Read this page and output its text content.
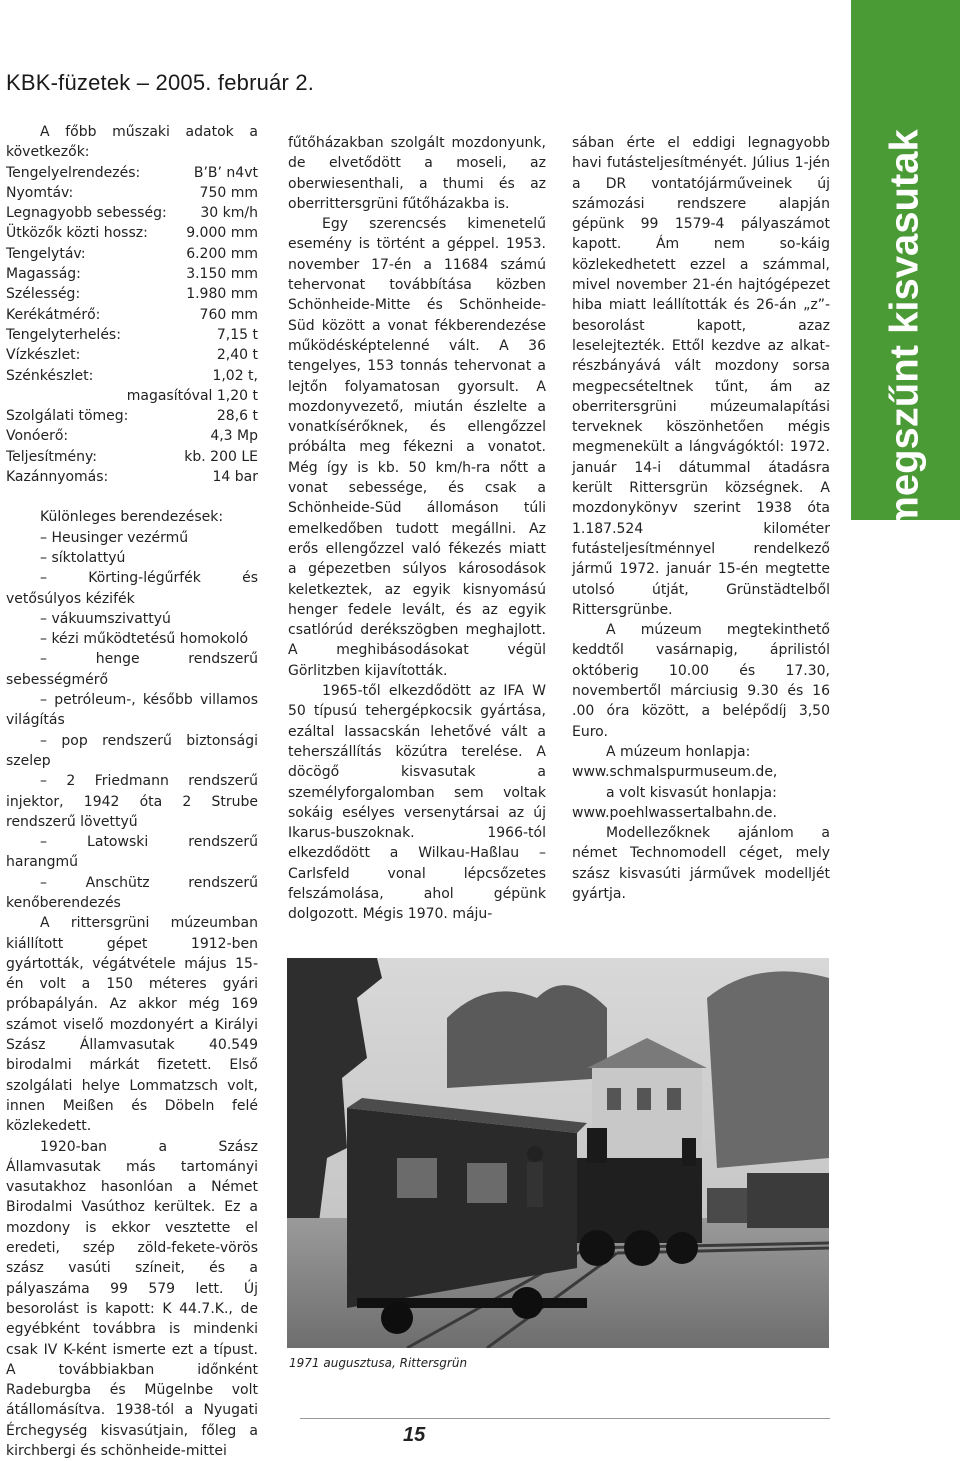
KBK-füzetek – 2005. február 2.
megszűnt kisvasutak

A főbb műszaki adatok a következők:

Tengelyelrendezés:	B’B’ n4vt
Nyomtáv:	750 mm
Legnagyobb sebesség: 30 km/h
Ütközők közti hossz:	9.000 mm
Tengelytáv:	6.200 mm
Magasság:	3.150 mm
Szélesség:	1.980 mm
Kerékátmérő:	760 mm
Tengelyterhelés:	7,15 t
Vízkészlet:	2,40 t
Szénkészlet:	1,02 t,
magasítóval 1,20 t
Szolgálati tömeg:	28,6 t
Vonóerő:	4,3 Mp
Teljesítmény:	kb. 200 LE
Kazánnyomás:	14 bar

Különleges berendezések:

– Heusinger vezérmű

– síktolattyú

– Körting-légűrfék és vetősúlyos kézifék

– vákuumszivattyú

– kézi működtetésű homokoló

– henge rendszerű sebességmérő

– petróleum-, később villamos világítás

– pop rendszerű biztonsági szelep

– 2 Friedmann rendszerű injektor, 1942 óta 2 Strube rendszerű lövettyű

– Latowski rendszerű harangmű

– Anschütz rendszerű kenőberendezés

A rittersgrüni múzeumban kiállított gépet 1912-ben gyártották, végátvétele május 15-én volt a 150 méteres gyári próbapályán. Az akkor még 169 számot viselő mozdonyért a Királyi Szász Államvasutak 40.549 birodalmi márkát fizetett. Első szolgálati helye Lommatzsch volt, innen Meißen és Döbeln felé közlekedett.

1920-ban a Szász Államvasutak más tartományi vasutakhoz hasonlóan a Német Birodalmi Vasúthoz kerültek. Ez a mozdony is ekkor vesztette el eredeti, szép zöld-fekete-vörös szász vasúti színeit, és a pályaszáma 99 579 lett. Új besorolást is kapott: K 44.7.K., de egyébként továbbra is mindenki csak IV K-ként ismerte ezt a típust. A továbbiakban időnként Radeburgba és Mügelnbe volt átállomásítva. 1938-tól a Nyugati Érchegység kisvasútjain, főleg a kirchbergi és schönheide-mittei

fűtőházakban szolgált mozdonyunk, de elvetődött a moseli, az oberwiesenthali, a thumi és az oberrittersgrüni fűtőházakba is.

Egy szerencsés kimenetelű esemény is történt a géppel. 1953. november 17-én a 11684 számú tehervonat továbbítása közben Schönheide-Mitte és Schönheide-Süd között a vonat fékberendezése működésképtelenné vált. A 36 tengelyes, 153 tonnás tehervonat a lejtőn folyamatosan gyorsult. A mozdonyvezető, miután észlelte a vonatkísérőknek, és ellengőzzel próbálta meg fékezni a vonatot. Még így is kb. 50 km/h-ra nőtt a vonat sebessége, és csak a Schönheide-Süd állomáson túli emelkedőben tudott megállni. Az erős ellengőzzel való fékezés miatt a gépezetben súlyos károsodások keletkeztek, az egyik kisnyomású henger fedele levált, és az egyik csatlórúd derékszögben meghajlott. A meghibásodásokat végül Görlitzben kijavították.

1965-től elkezdődött az IFA W 50 típusú tehergépkocsik gyártása, ezáltal lassacskán lehetővé vált a teherszállítás közútra terelése. A döcögő kisvasutak a személyforgalomban sem voltak sokáig esélyes versenytársai az új Ikarus-buszoknak. 1966-tól elkezdődött a Wilkau-Haßlau – Carlsfeld vonal lépcsőzetes felszámolása, ahol gépünk dolgozott. Mégis 1970. máju-

sában érte el eddigi legnagyobb havi futásteljesítményét. Július 1-jén a DR vontatójárműveinek új számozási rendszere alapján gépünk 99 1579-4 pályaszámot kapott. Ám nem so-káig közlekedhetett ezzel a számmal, mivel november 21-én hajtógépezet hiba miatt leállították és 26-án „z”-besorolást kapott, azaz leselejtezték. Ettől kezdve az alkat-részbányává vált mozdony sorsa megpecsételtnek tűnt, ám az oberritersgrüni múzeumalapítási terveknek köszönhetően mégis megmenekült a lángvágóktól: 1972. január 14-i dátummal átadásra került Rittersgrün községnek. A mozdonykönyv szerint 1938 óta 1.187.524 kilométer futásteljesítménnyel rendelkező jármű 1972. január 15-én megtette utolsó útját, Grünstädtelből Rittersgrünbe.

A múzeum megtekinthető keddtől vasárnapig, áprilistól októberig 10.00 és 17.30, novembertől márciusig 9.30 és 16 .00 óra között, a belépődíj 3,50 Euro.

A múzeum honlapja:

www.schmalspurmuseum.de,

a volt kisvasút honlapja:

www.poehlwassertalbahn.de.

Modellezőknek ajánlom a német Technomodell céget, mely szász kisvasúti járművek modelljét gyártja.

1971 augusztusa, Rittersgrün
15
